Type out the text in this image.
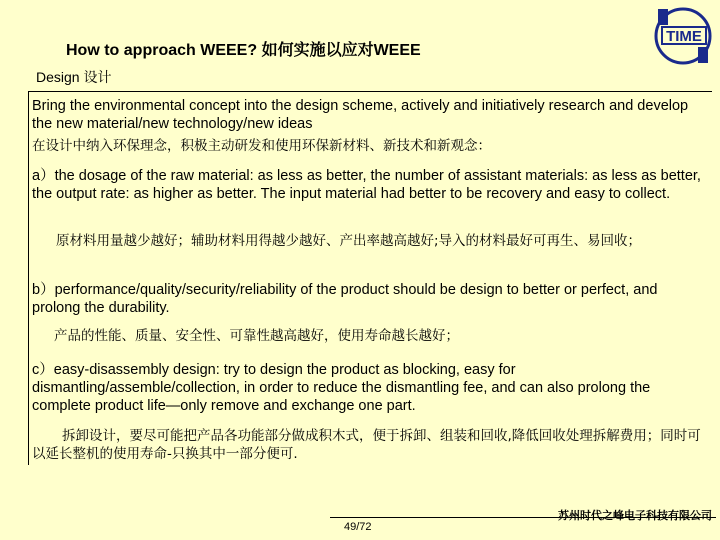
How to approach WEEE? 如何实施以应对WEEE
Design 设计
TIME

Bring the environmental concept into the design scheme, actively and initiatively research and develop the new material/new technology/new ideas

在设计中纳入环保理念，积极主动研发和使用环保新材料、新技术和新观念：

a）the dosage of the raw material: as less as better, the number of assistant materials: as less as better, the output rate: as higher as better. The input material had better to be recovery and easy to collect.

原材料用量越少越好；辅助材料用得越少越好、产出率越高越好;导入的材料最好可再生、易回收；

b）performance/quality/security/reliability of the product should be design to better or perfect, and prolong the durability.

产品的性能、质量、安全性、可靠性越高越好，使用寿命越长越好；

c）easy-disassembly design: try to design the product as blocking, easy for dismantling/assemble/collection, in order to reduce the dismantling fee, and can also prolong the complete product life—only remove and exchange one part.

拆卸设计，要尽可能把产品各功能部分做成积木式，便于拆卸、组装和回收,降低回收处理拆解费用；同时可以延长整机的使用寿命-只换其中一部分便可.

49/72
苏州时代之峰电子科技有限公司
